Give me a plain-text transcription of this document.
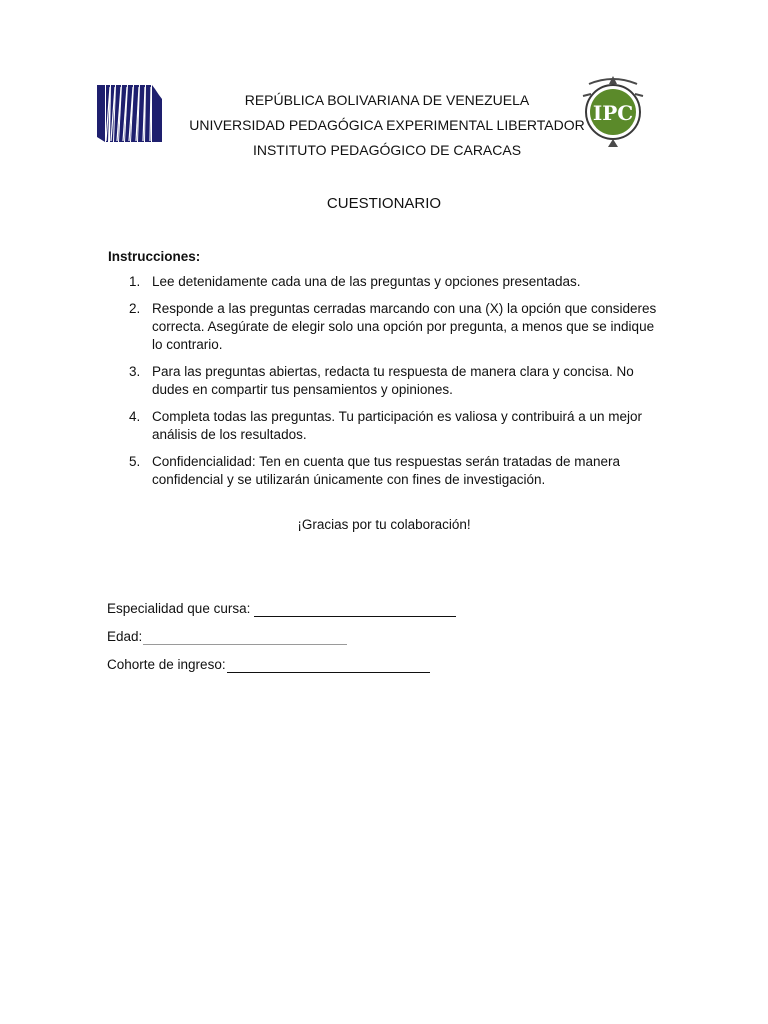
IPC
REPÚBLICA BOLIVARIANA DE VENEZUELA
UNIVERSIDAD PEDAGÓGICA EXPERIMENTAL LIBERTADOR
INSTITUTO PEDAGÓGICO DE CARACAS
CUESTIONARIO
Instrucciones:
1. Lee detenidamente cada una de las preguntas y opciones presentadas.
2. Responde a las preguntas cerradas marcando con una (X) la opción que consideres correcta. Asegúrate de elegir solo una opción por pregunta, a menos que se indique lo contrario.
3. Para las preguntas abiertas, redacta tu respuesta de manera clara y concisa. No dudes en compartir tus pensamientos y opiniones.
4. Completa todas las preguntas. Tu participación es valiosa y contribuirá a un mejor análisis de los resultados.
5. Confidencialidad: Ten en cuenta que tus respuestas serán tratadas de manera confidencial y se utilizarán únicamente con fines de investigación.
¡Gracias por tu colaboración!
Especialidad que cursa:
Edad:
Cohorte de ingreso:
